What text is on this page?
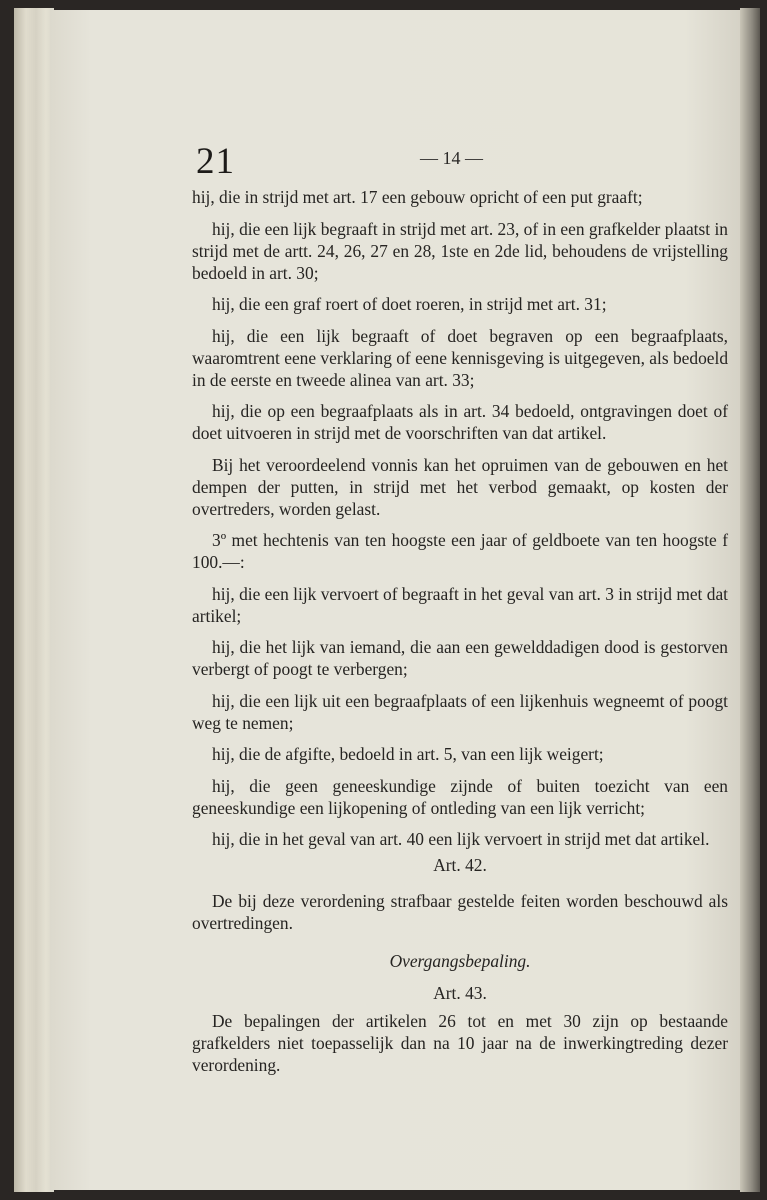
21	— 14 —

hij, die in strijd met art. 17 een gebouw opricht of een put graaft;

hij, die een lijk begraaft in strijd met art. 23, of in een grafkelder plaatst in strijd met de artt. 24, 26, 27 en 28, 1ste en 2de lid, behoudens de vrijstelling bedoeld in art. 30;

hij, die een graf roert of doet roeren, in strijd met art. 31;

hij, die een lijk begraaft of doet begraven op een begraafplaats, waaromtrent eene verklaring of eene kennisgeving is uitgegeven, als bedoeld in de eerste en tweede alinea van art. 33;

hij, die op een begraafplaats als in art. 34 bedoeld, ontgravingen doet of doet uitvoeren in strijd met de voorschriften van dat artikel.

Bij het veroordeelend vonnis kan het opruimen van de gebouwen en het dempen der putten, in strijd met het verbod gemaakt, op kosten der overtreders, worden gelast.

3º met hechtenis van ten hoogste een jaar of geldboete van ten hoogste f 100.—:

hij, die een lijk vervoert of begraaft in het geval van art. 3 in strijd met dat artikel;

hij, die het lijk van iemand, die aan een gewelddadigen dood is gestorven verbergt of poogt te verbergen;

hij, die een lijk uit een begraafplaats of een lijkenhuis wegneemt of poogt weg te nemen;

hij, die de afgifte, bedoeld in art. 5, van een lijk weigert;

hij, die geen geneeskundige zijnde of buiten toezicht van een geneeskundige een lijkopening of ontleding van een lijk verricht;

hij, die in het geval van art. 40 een lijk vervoert in strijd met dat artikel.

Art. 42.

De bij deze verordening strafbaar gestelde feiten worden beschouwd als overtredingen.

Overgangsbepaling.
Art. 43.

De bepalingen der artikelen 26 tot en met 30 zijn op bestaande grafkelders niet toepasselijk dan na 10 jaar na de inwerkingtreding dezer verordening.
